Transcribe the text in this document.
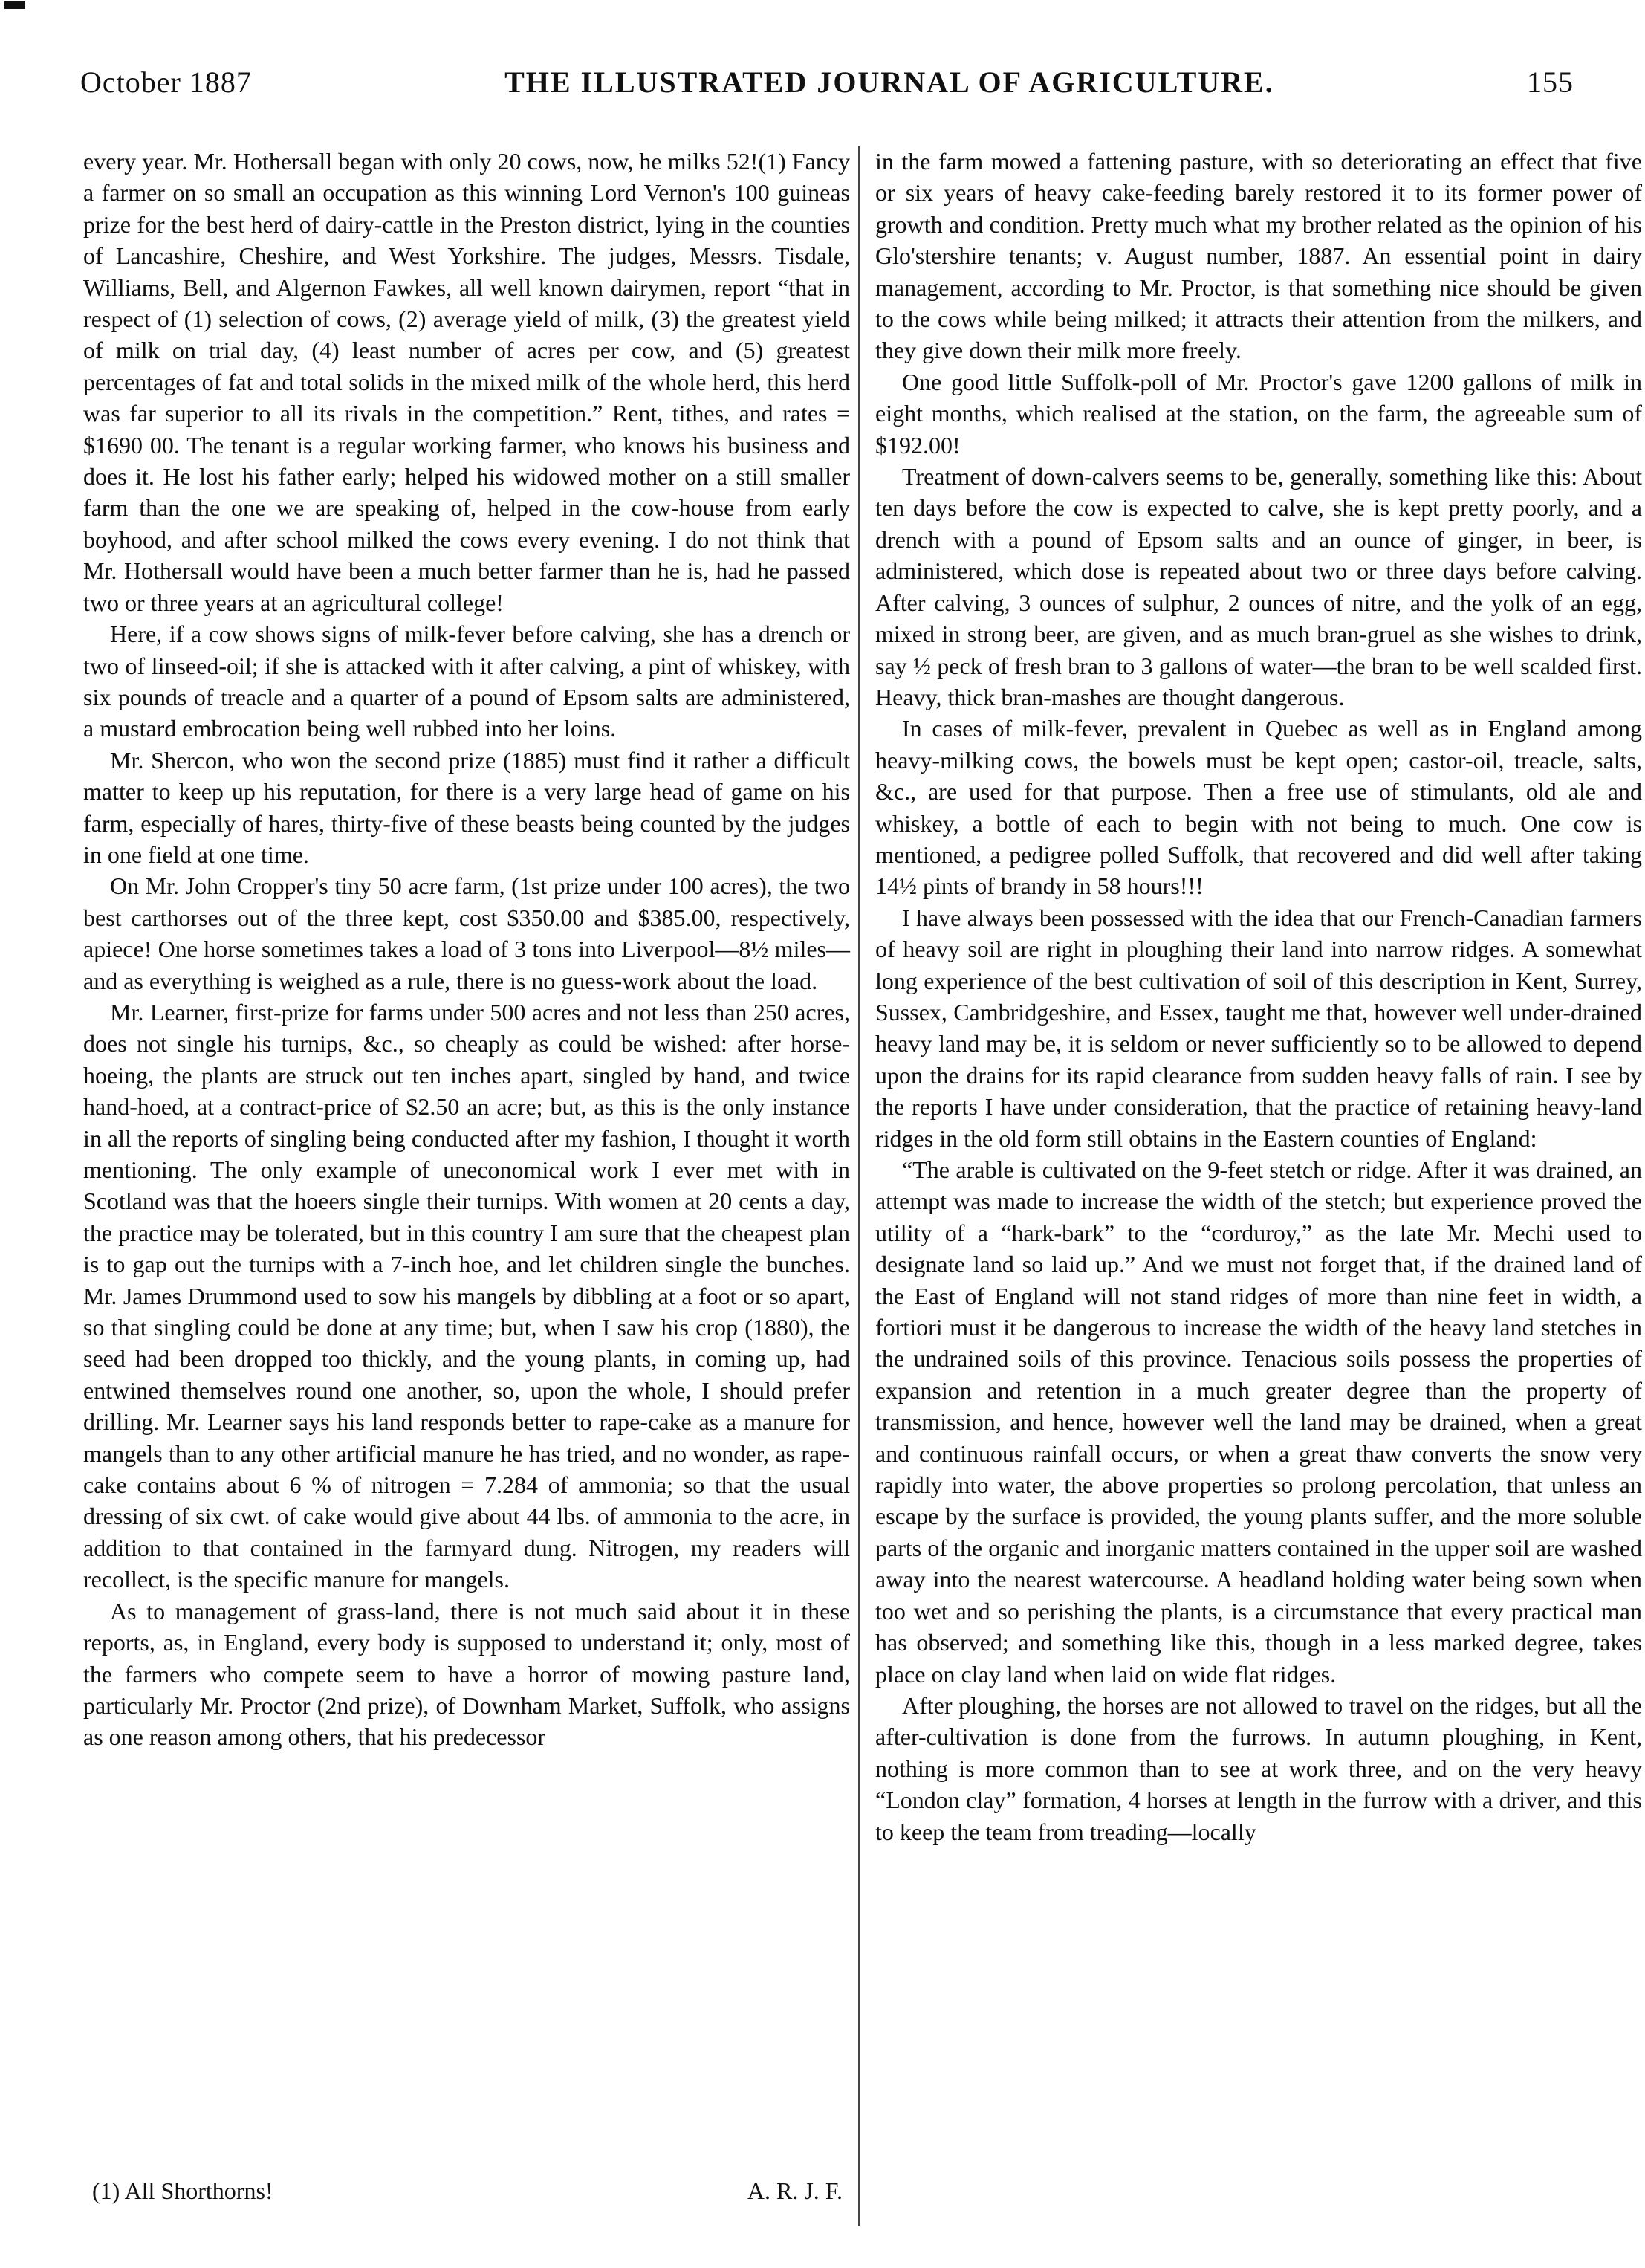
October 1887	THE ILLUSTRATED JOURNAL OF AGRICULTURE.	155

every year. Mr. Hothersall began with only 20 cows, now, he milks 52!(1) Fancy a farmer on so small an occupation as this winning Lord Vernon's 100 guineas prize for the best herd of dairy-cattle in the Preston district, lying in the counties of Lancashire, Cheshire, and West Yorkshire. The judges, Messrs. Tisdale, Williams, Bell, and Algernon Fawkes, all well known dairymen, report “that in respect of (1) selection of cows, (2) average yield of milk, (3) the greatest yield of milk on trial day, (4) least number of acres per cow, and (5) greatest percentages of fat and total solids in the mixed milk of the whole herd, this herd was far superior to all its rivals in the competition.” Rent, tithes, and rates = $1690 00. The tenant is a regular working farmer, who knows his business and does it. He lost his father early; helped his widowed mother on a still smaller farm than the one we are speaking of, helped in the cow-house from early boyhood, and after school milked the cows every evening. I do not think that Mr. Hothersall would have been a much better farmer than he is, had he passed two or three years at an agricultural college!

Here, if a cow shows signs of milk-fever before calving, she has a drench or two of linseed-oil; if she is attacked with it after calving, a pint of whiskey, with six pounds of treacle and a quarter of a pound of Epsom salts are administered, a mustard embrocation being well rubbed into her loins.

Mr. Shercon, who won the second prize (1885) must find it rather a difficult matter to keep up his reputation, for there is a very large head of game on his farm, especially of hares, thirty-five of these beasts being counted by the judges in one field at one time.

On Mr. John Cropper's tiny 50 acre farm, (1st prize under 100 acres), the two best carthorses out of the three kept, cost $350.00 and $385.00, respectively, apiece! One horse sometimes takes a load of 3 tons into Liverpool—8½ miles—and as everything is weighed as a rule, there is no guess-work about the load.

Mr. Learner, first-prize for farms under 500 acres and not less than 250 acres, does not single his turnips, &c., so cheaply as could be wished: after horse-hoeing, the plants are struck out ten inches apart, singled by hand, and twice hand-hoed, at a contract-price of $2.50 an acre; but, as this is the only instance in all the reports of singling being conducted after my fashion, I thought it worth mentioning. The only example of uneconomical work I ever met with in Scotland was that the hoeers single their turnips. With women at 20 cents a day, the practice may be tolerated, but in this country I am sure that the cheapest plan is to gap out the turnips with a 7-inch hoe, and let children single the bunches. Mr. James Drummond used to sow his mangels by dibbling at a foot or so apart, so that singling could be done at any time; but, when I saw his crop (1880), the seed had been dropped too thickly, and the young plants, in coming up, had entwined themselves round one another, so, upon the whole, I should prefer drilling. Mr. Learner says his land responds better to rape-cake as a manure for mangels than to any other artificial manure he has tried, and no wonder, as rape-cake contains about 6 % of nitrogen = 7.284 of ammonia; so that the usual dressing of six cwt. of cake would give about 44 lbs. of ammonia to the acre, in addition to that contained in the farmyard dung. Nitrogen, my readers will recollect, is the specific manure for mangels.

As to management of grass-land, there is not much said about it in these reports, as, in England, every body is supposed to understand it; only, most of the farmers who compete seem to have a horror of mowing pasture land, particularly Mr. Proctor (2nd prize), of Downham Market, Suffolk, who assigns as one reason among others, that his predecessor

in the farm mowed a fattening pasture, with so deteriorating an effect that five or six years of heavy cake-feeding barely restored it to its former power of growth and condition. Pretty much what my brother related as the opinion of his Glo'stershire tenants; v. August number, 1887. An essential point in dairy management, according to Mr. Proctor, is that something nice should be given to the cows while being milked; it attracts their attention from the milkers, and they give down their milk more freely.

One good little Suffolk-poll of Mr. Proctor's gave 1200 gallons of milk in eight months, which realised at the station, on the farm, the agreeable sum of $192.00!

Treatment of down-calvers seems to be, generally, something like this: About ten days before the cow is expected to calve, she is kept pretty poorly, and a drench with a pound of Epsom salts and an ounce of ginger, in beer, is administered, which dose is repeated about two or three days before calving. After calving, 3 ounces of sulphur, 2 ounces of nitre, and the yolk of an egg, mixed in strong beer, are given, and as much bran-gruel as she wishes to drink, say ½ peck of fresh bran to 3 gallons of water—the bran to be well scalded first. Heavy, thick bran-mashes are thought dangerous.

In cases of milk-fever, prevalent in Quebec as well as in England among heavy-milking cows, the bowels must be kept open; castor-oil, treacle, salts, &c., are used for that purpose. Then a free use of stimulants, old ale and whiskey, a bottle of each to begin with not being to much. One cow is mentioned, a pedigree polled Suffolk, that recovered and did well after taking 14½ pints of brandy in 58 hours!!!

I have always been possessed with the idea that our French-Canadian farmers of heavy soil are right in ploughing their land into narrow ridges. A somewhat long experience of the best cultivation of soil of this description in Kent, Surrey, Sussex, Cambridgeshire, and Essex, taught me that, however well under-drained heavy land may be, it is seldom or never sufficiently so to be allowed to depend upon the drains for its rapid clearance from sudden heavy falls of rain. I see by the reports I have under consideration, that the practice of retaining heavy-land ridges in the old form still obtains in the Eastern counties of England:

“The arable is cultivated on the 9-feet stetch or ridge. After it was drained, an attempt was made to increase the width of the stetch; but experience proved the utility of a “hark-bark” to the “corduroy,” as the late Mr. Mechi used to designate land so laid up.” And we must not forget that, if the drained land of the East of England will not stand ridges of more than nine feet in width, a fortiori must it be dangerous to increase the width of the heavy land stetches in the undrained soils of this province. Tenacious soils possess the properties of expansion and retention in a much greater degree than the property of transmission, and hence, however well the land may be drained, when a great and continuous rainfall occurs, or when a great thaw converts the snow very rapidly into water, the above properties so prolong percolation, that unless an escape by the surface is provided, the young plants suffer, and the more soluble parts of the organic and inorganic matters contained in the upper soil are washed away into the nearest watercourse. A headland holding water being sown when too wet and so perishing the plants, is a circumstance that every practical man has observed; and something like this, though in a less marked degree, takes place on clay land when laid on wide flat ridges.

After ploughing, the horses are not allowed to travel on the ridges, but all the after-cultivation is done from the furrows. In autumn ploughing, in Kent, nothing is more common than to see at work three, and on the very heavy “London clay” formation, 4 horses at length in the furrow with a driver, and this to keep the team from treading—locally

(1) All Shorthorns!	A. R. J. F.
